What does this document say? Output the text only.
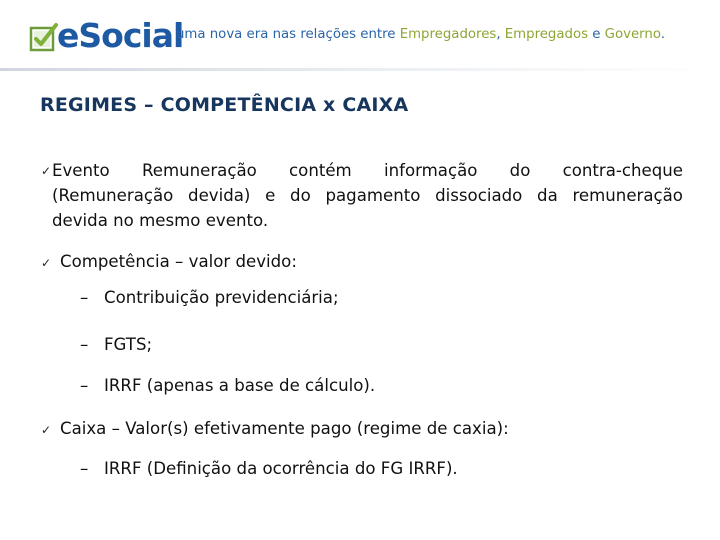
eSocial
uma nova era nas relações entre Empregadores, Empregados e Governo.
REGIMES – COMPETÊNCIA x CAIXA
✓ Evento Remuneração contém informação do contra-cheque
(Remuneração devida) e do pagamento dissociado da remuneração
devida no mesmo evento.
✓ Competência – valor devido:
– Contribuição previdenciária;
– FGTS;
– IRRF (apenas a base de cálculo).
✓ Caixa – Valor(s) efetivamente pago (regime de caxia):
– IRRF (Definição da ocorrência do FG IRRF).
